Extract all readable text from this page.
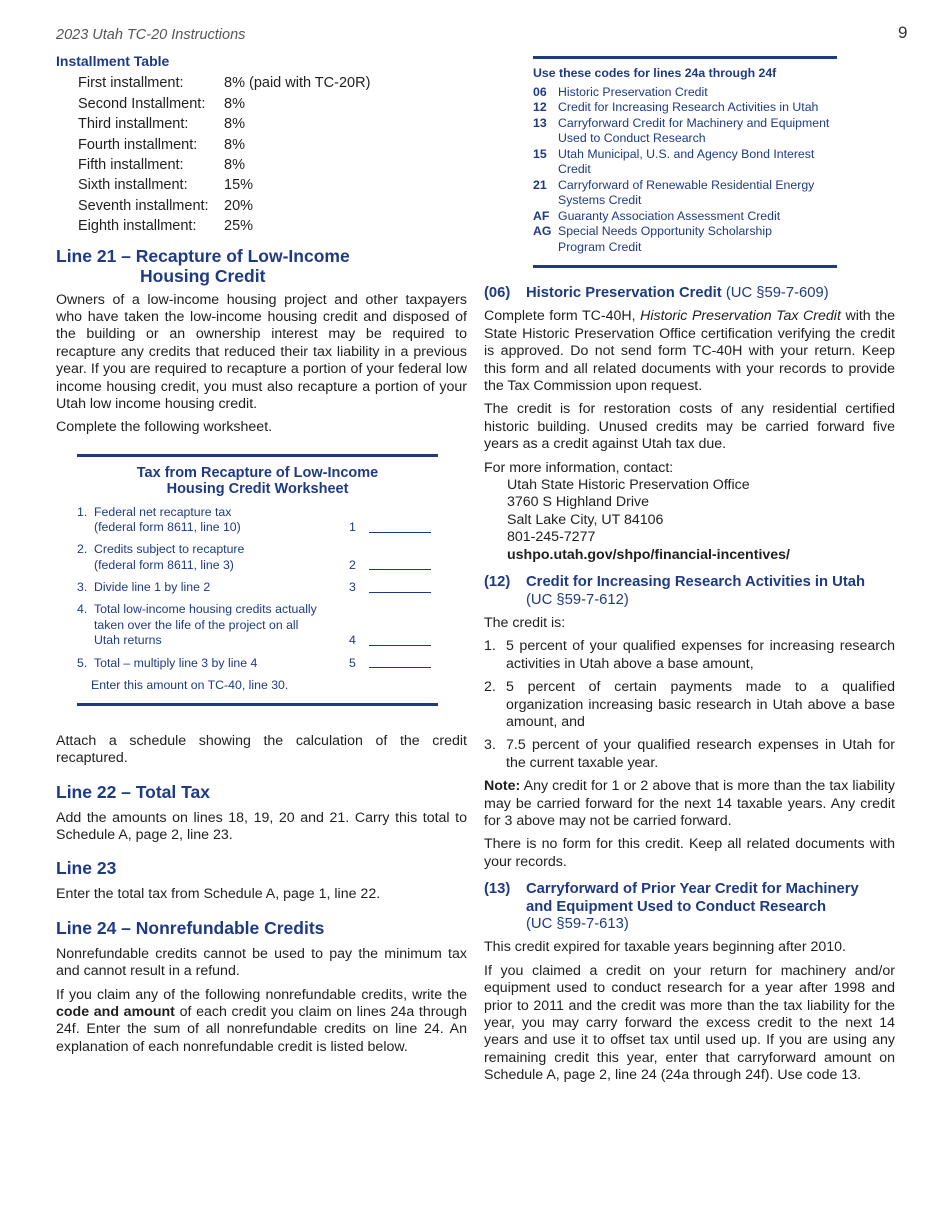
2023 Utah TC-20 Instructions	9
Installment Table
First installment:	8% (paid with TC-20R)
Second Installment:	8%
Third installment:	8%
Fourth installment:	8%
Fifth installment:	8%
Sixth installment:	15%
Seventh installment:	20%
Eighth installment:	25%
Line 21 – Recapture of Low-Income
Housing Credit

Owners of a low-income housing project and other taxpayers who have taken the low-income housing credit and disposed of the building or an ownership interest may be required to recapture any credits that reduced their tax liability in a previous year. If you are required to recapture a portion of your federal low income housing credit, you must also recapture a portion of your Utah low income housing credit.

Complete the following worksheet.

Tax from Recapture of Low-Income
Housing Credit Worksheet
1. Federal net recapture tax
(federal form 8611, line 10)	1
2. Credits subject to recapture
(federal form 8611, line 3)	2
3. Divide line 1 by line 2	3
4. Total low-income housing credits actually
taken over the life of the project on all
Utah returns	4
5. Total – multiply line 3 by line 4	5
Enter this amount on TC-40, line 30.

Attach a schedule showing the calculation of the credit recaptured.

Line 22 – Total Tax

Add the amounts on lines 18, 19, 20 and 21. Carry this total to Schedule A, page 2, line 23.

Line 23

Enter the total tax from Schedule A, page 1, line 22.

Line 24 – Nonrefundable Credits

Nonrefundable credits cannot be used to pay the minimum tax and cannot result in a refund.

If you claim any of the following nonrefundable credits, write the code and amount of each credit you claim on lines 24a through 24f. Enter the sum of all nonrefundable credits on line 24. An explanation of each nonrefundable credit is listed below.

Use these codes for lines 24a through 24f
06 Historic Preservation Credit
12 Credit for Increasing Research Activities in Utah
13 Carryforward Credit for Machinery and Equipment
Used to Conduct Research
15 Utah Municipal, U.S. and Agency Bond Interest
Credit
21 Carryforward of Renewable Residential Energy
Systems Credit
AF Guaranty Association Assessment Credit
AG Special Needs Opportunity Scholarship
Program Credit
(06)	Historic Preservation Credit (UC §59-7-609)

Complete form TC-40H, Historic Preservation Tax Credit with the State Historic Preservation Office certification verifying the credit is approved. Do not send form TC-40H with your return. Keep this form and all related documents with your records to provide the Tax Commission upon request.

The credit is for restoration costs of any residential certified historic building. Unused credits may be carried forward five years as a credit against Utah tax due.

For more information, contact:
Utah State Historic Preservation Office
3760 S Highland Drive
Salt Lake City, UT 84106
801-245-7277
ushpo.utah.gov/shpo/financial-incentives/
(12)	Credit for Increasing Research Activities in Utah
(UC §59-7-612)

The credit is:

1. 5 percent of your qualified expenses for increasing research activities in Utah above a base amount,
2. 5 percent of certain payments made to a qualified organization increasing basic research in Utah above a base amount, and
3. 7.5 percent of your qualified research expenses in Utah for the current taxable year.

Note: Any credit for 1 or 2 above that is more than the tax liability may be carried forward for the next 14 taxable years. Any credit for 3 above may not be carried forward.

There is no form for this credit. Keep all related documents with your records.

(13)	Carryforward of Prior Year Credit for Machinery
and Equipment Used to Conduct Research
(UC §59-7-613)

This credit expired for taxable years beginning after 2010.

If you claimed a credit on your return for machinery and/or equipment used to conduct research for a year after 1998 and prior to 2011 and the credit was more than the tax liability for the year, you may carry forward the excess credit to the next 14 years and use it to offset tax until used up. If you are using any remaining credit this year, enter that carryforward amount on Schedule A, page 2, line 24 (24a through 24f). Use code 13.
